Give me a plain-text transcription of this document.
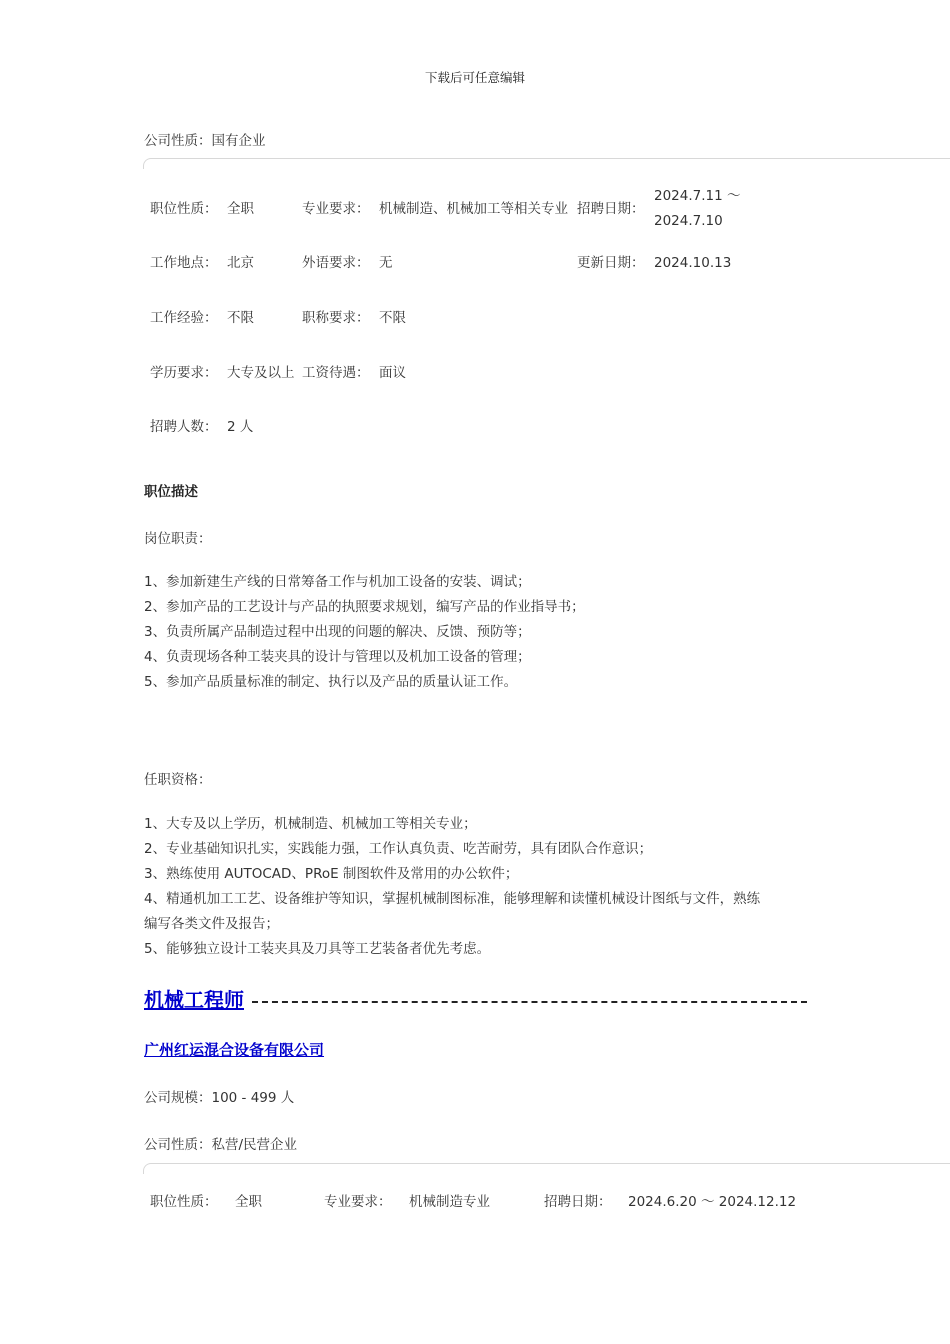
下载后可任意编辑
公司性质：国有企业
职位性质：	全职	专业要求：	机械制造、机械加工等相关专业	招聘日期：	2024.7.11 ～ 2024.7.10
工作地点：	北京	外语要求：	无	更新日期：	2024.10.13
工作经验：	不限	职称要求：	不限		
学历要求：	大专及以上	工资待遇：	面议		
招聘人数：	2 人				
职位描述
岗位职责：
1、参加新建生产线的日常筹备工作与机加工设备的安装、调试；
2、参加产品的工艺设计与产品的执照要求规划，编写产品的作业指导书；
3、负责所属产品制造过程中出现的问题的解决、反馈、预防等；
4、负责现场各种工装夹具的设计与管理以及机加工设备的管理；
5、参加产品质量标准的制定、执行以及产品的质量认证工作。
任职资格：
1、大专及以上学历，机械制造、机械加工等相关专业；
2、专业基础知识扎实，实践能力强，工作认真负责、吃苦耐劳，具有团队合作意识；
3、熟练使用 AUTOCAD、PRoE 制图软件及常用的办公软件；
4、精通机加工工艺、设备维护等知识，掌握机械制图标准，能够理解和读懂机械设计图纸与文件，熟练
编写各类文件及报告；
5、能够独立设计工装夹具及刀具等工艺装备者优先考虑。
机械工程师
广州红运混合设备有限公司
公司规模：100 - 499 人
公司性质：私营/民营企业
职位性质： 全职	专业要求： 机械制造专业	招聘日期： 2024.6.20 ～ 2024.12.12
